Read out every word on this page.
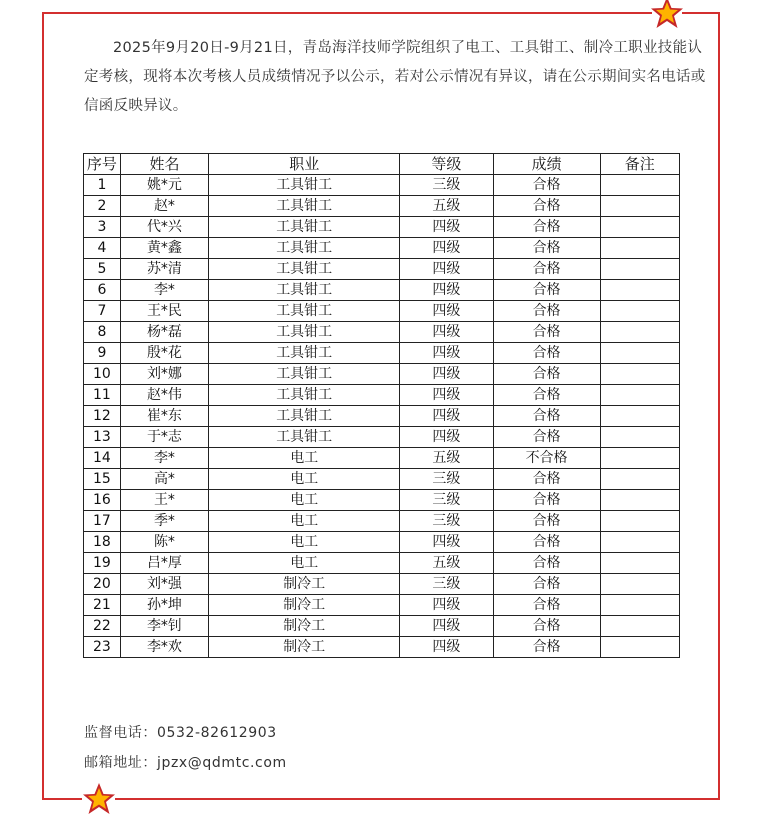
2025年9月20日-9月21日，青岛海洋技师学院组织了电工、工具钳工、制冷工职业技能认定考核，现将本次考核人员成绩情况予以公示，若对公示情况有异议，请在公示期间实名电话或信函反映异议。

序号	姓名	职业	等级	成绩	备注
1	姚*元	工具钳工	三级	合格	
2	赵*	工具钳工	五级	合格	
3	代*兴	工具钳工	四级	合格	
4	黄*鑫	工具钳工	四级	合格	
5	苏*清	工具钳工	四级	合格	
6	李*	工具钳工	四级	合格	
7	王*民	工具钳工	四级	合格	
8	杨*磊	工具钳工	四级	合格	
9	殷*花	工具钳工	四级	合格	
10	刘*娜	工具钳工	四级	合格	
11	赵*伟	工具钳工	四级	合格	
12	崔*东	工具钳工	四级	合格	
13	于*志	工具钳工	四级	合格	
14	李*	电工	五级	不合格	
15	高*	电工	三级	合格	
16	王*	电工	三级	合格	
17	季*	电工	三级	合格	
18	陈*	电工	四级	合格	
19	吕*厚	电工	五级	合格	
20	刘*强	制冷工	三级	合格	
21	孙*坤	制冷工	四级	合格	
22	李*钊	制冷工	四级	合格	
23	李*欢	制冷工	四级	合格	
监督电话：0532-82612903
邮箱地址：jpzx@qdmtc.com
